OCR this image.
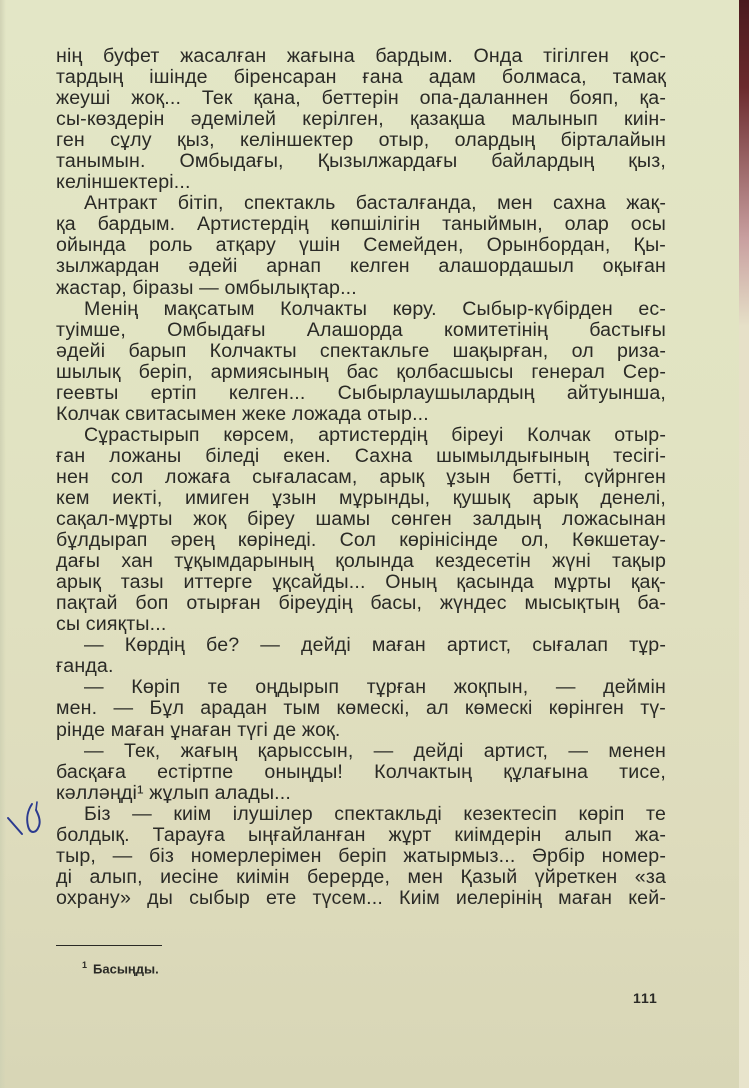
нің буфет жасалған жағына бардым. Онда тігілген қос-
тардың ішінде біренсаран ғана адам болмаса, тамақ
жеуші жоқ... Тек қана, беттерін опа-даланнен бояп, қа-
сы-көздерін әдемілей керілген, қазақша малынып киін-
ген сұлу қыз, келіншектер отыр, олардың бірталайын
танымын. Омбыдағы, Қызылжардағы байлардың қыз,
келіншектері...
Антракт бітіп, спектакль басталғанда, мен сахна жақ-
қа бардым. Артистердің көпшілігін таныймын, олар осы
ойында роль атқару үшін Семейден, Орынбордан, Қы-
зылжардан әдейі арнап келген алашордашыл оқыған
жастар, біразы — омбылықтар...
Менің мақсатым Колчакты көру. Сыбыр-күбірден ес-
туімше, Омбыдағы Алашорда комитетінің бастығы
әдейі барып Колчакты спектакльге шақырған, ол риза-
шылық беріп, армиясының бас қолбасшысы генерал Сер-
геевты ертіп келген... Сыбырлаушылардың айтуынша,
Колчак свитасымен жеке ложада отыр...
Сұрастырып көрсем, артистердің біреуі Колчак отыр-
ған ложаны біледі екен. Сахна шымылдығының тесігі-
нен сол ложаға сығаласам, арық ұзын бетті, сүйрнген
кем иекті, имиген ұзын мұрынды, қушық арық денелі,
сақал-мұрты жоқ біреу шамы сөнген залдың ложасынан
бұлдырап әрең көрінеді. Сол көрінісінде ол, Көкшетау-
дағы хан тұқымдарының қолында кездесетін жүні тақыр
арық тазы иттерге ұқсайды... Оның қасында мұрты қақ-
пақтай боп отырған біреудің басы, жүндес мысықтың ба-
сы сияқты...
— Көрдің бе? — дейді маған артист, сығалап тұр-
ғанда.
— Көріп те оңдырып тұрған жоқпын, — деймін
мен. — Бұл арадан тым көмескі, ал көмескі көрінген тү-
рінде маған ұнаған түгі де жоқ.
— Тек, жағың қарыссын, — дейді артист, — менен
басқаға естіртпе оныңды! Колчактың құлағына тисе,
кәлләңді¹ жұлып алады...
Біз — киім ілушілер спектакльді кезектесіп көріп те
болдық. Тарауға ыңғайланған жұрт киімдерін алып жа-
тыр, — біз номерлерімен беріп жатырмыз... Әрбір номер-
ді алып, иесіне киімін берерде, мен Қазый үйреткен «за
охрану» ды сыбыр ете түсем... Киім иелерінің маған кей-
$^1$ Басыңды.
111
